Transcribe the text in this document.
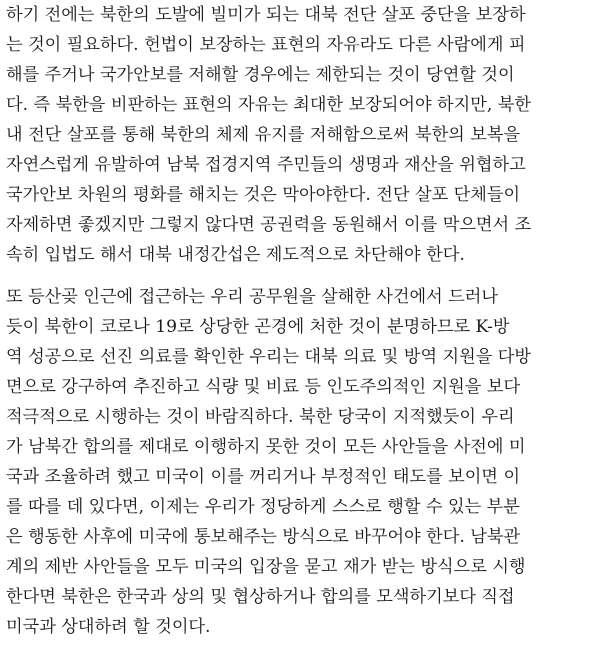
하기 전에는 북한의 도발에 빌미가 되는 대북 전단 살포 중단을 보장하
는 것이 필요하다. 헌법이 보장하는 표현의 자유라도 다른 사람에게 피
해를 주거나 국가안보를 저해할 경우에는 제한되는 것이 당연할 것이
다. 즉 북한을 비판하는 표현의 자유는 최대한 보장되어야 하지만, 북한
내 전단 살포를 통해 북한의 체제 유지를 저해함으로써 북한의 보복을
자연스럽게 유발하여 남북 접경지역 주민들의 생명과 재산을 위협하고
국가안보 차원의 평화를 해치는 것은 막아야한다. 전단 살포 단체들이
자제하면 좋겠지만 그렇지 않다면 공권력을 동원해서 이를 막으면서 조
속히 입법도 해서 대북 내정간섭은 제도적으로 차단해야 한다.
또 등산곶 인근에 접근하는 우리 공무원을 살해한 사건에서 드러나
듯이 북한이 코로나 19로 상당한 곤경에 처한 것이 분명하므로 K-방
역 성공으로 선진 의료를 확인한 우리는 대북 의료 및 방역 지원을 다방
면으로 강구하여 추진하고 식량 및 비료 등 인도주의적인 지원을 보다
적극적으로 시행하는 것이 바람직하다. 북한 당국이 지적했듯이 우리
가 남북간 합의를 제대로 이행하지 못한 것이 모든 사안들을 사전에 미
국과 조율하려 했고 미국이 이를 꺼리거나 부정적인 태도를 보이면 이
를 따를 데 있다면, 이제는 우리가 정당하게 스스로 행할 수 있는 부분
은 행동한 사후에 미국에 통보해주는 방식으로 바꾸어야 한다. 남북관
계의 제반 사안들을 모두 미국의 입장을 묻고 재가 받는 방식으로 시행
한다면 북한은 한국과 상의 및 협상하거나 합의를 모색하기보다 직접
미국과 상대하려 할 것이다.
